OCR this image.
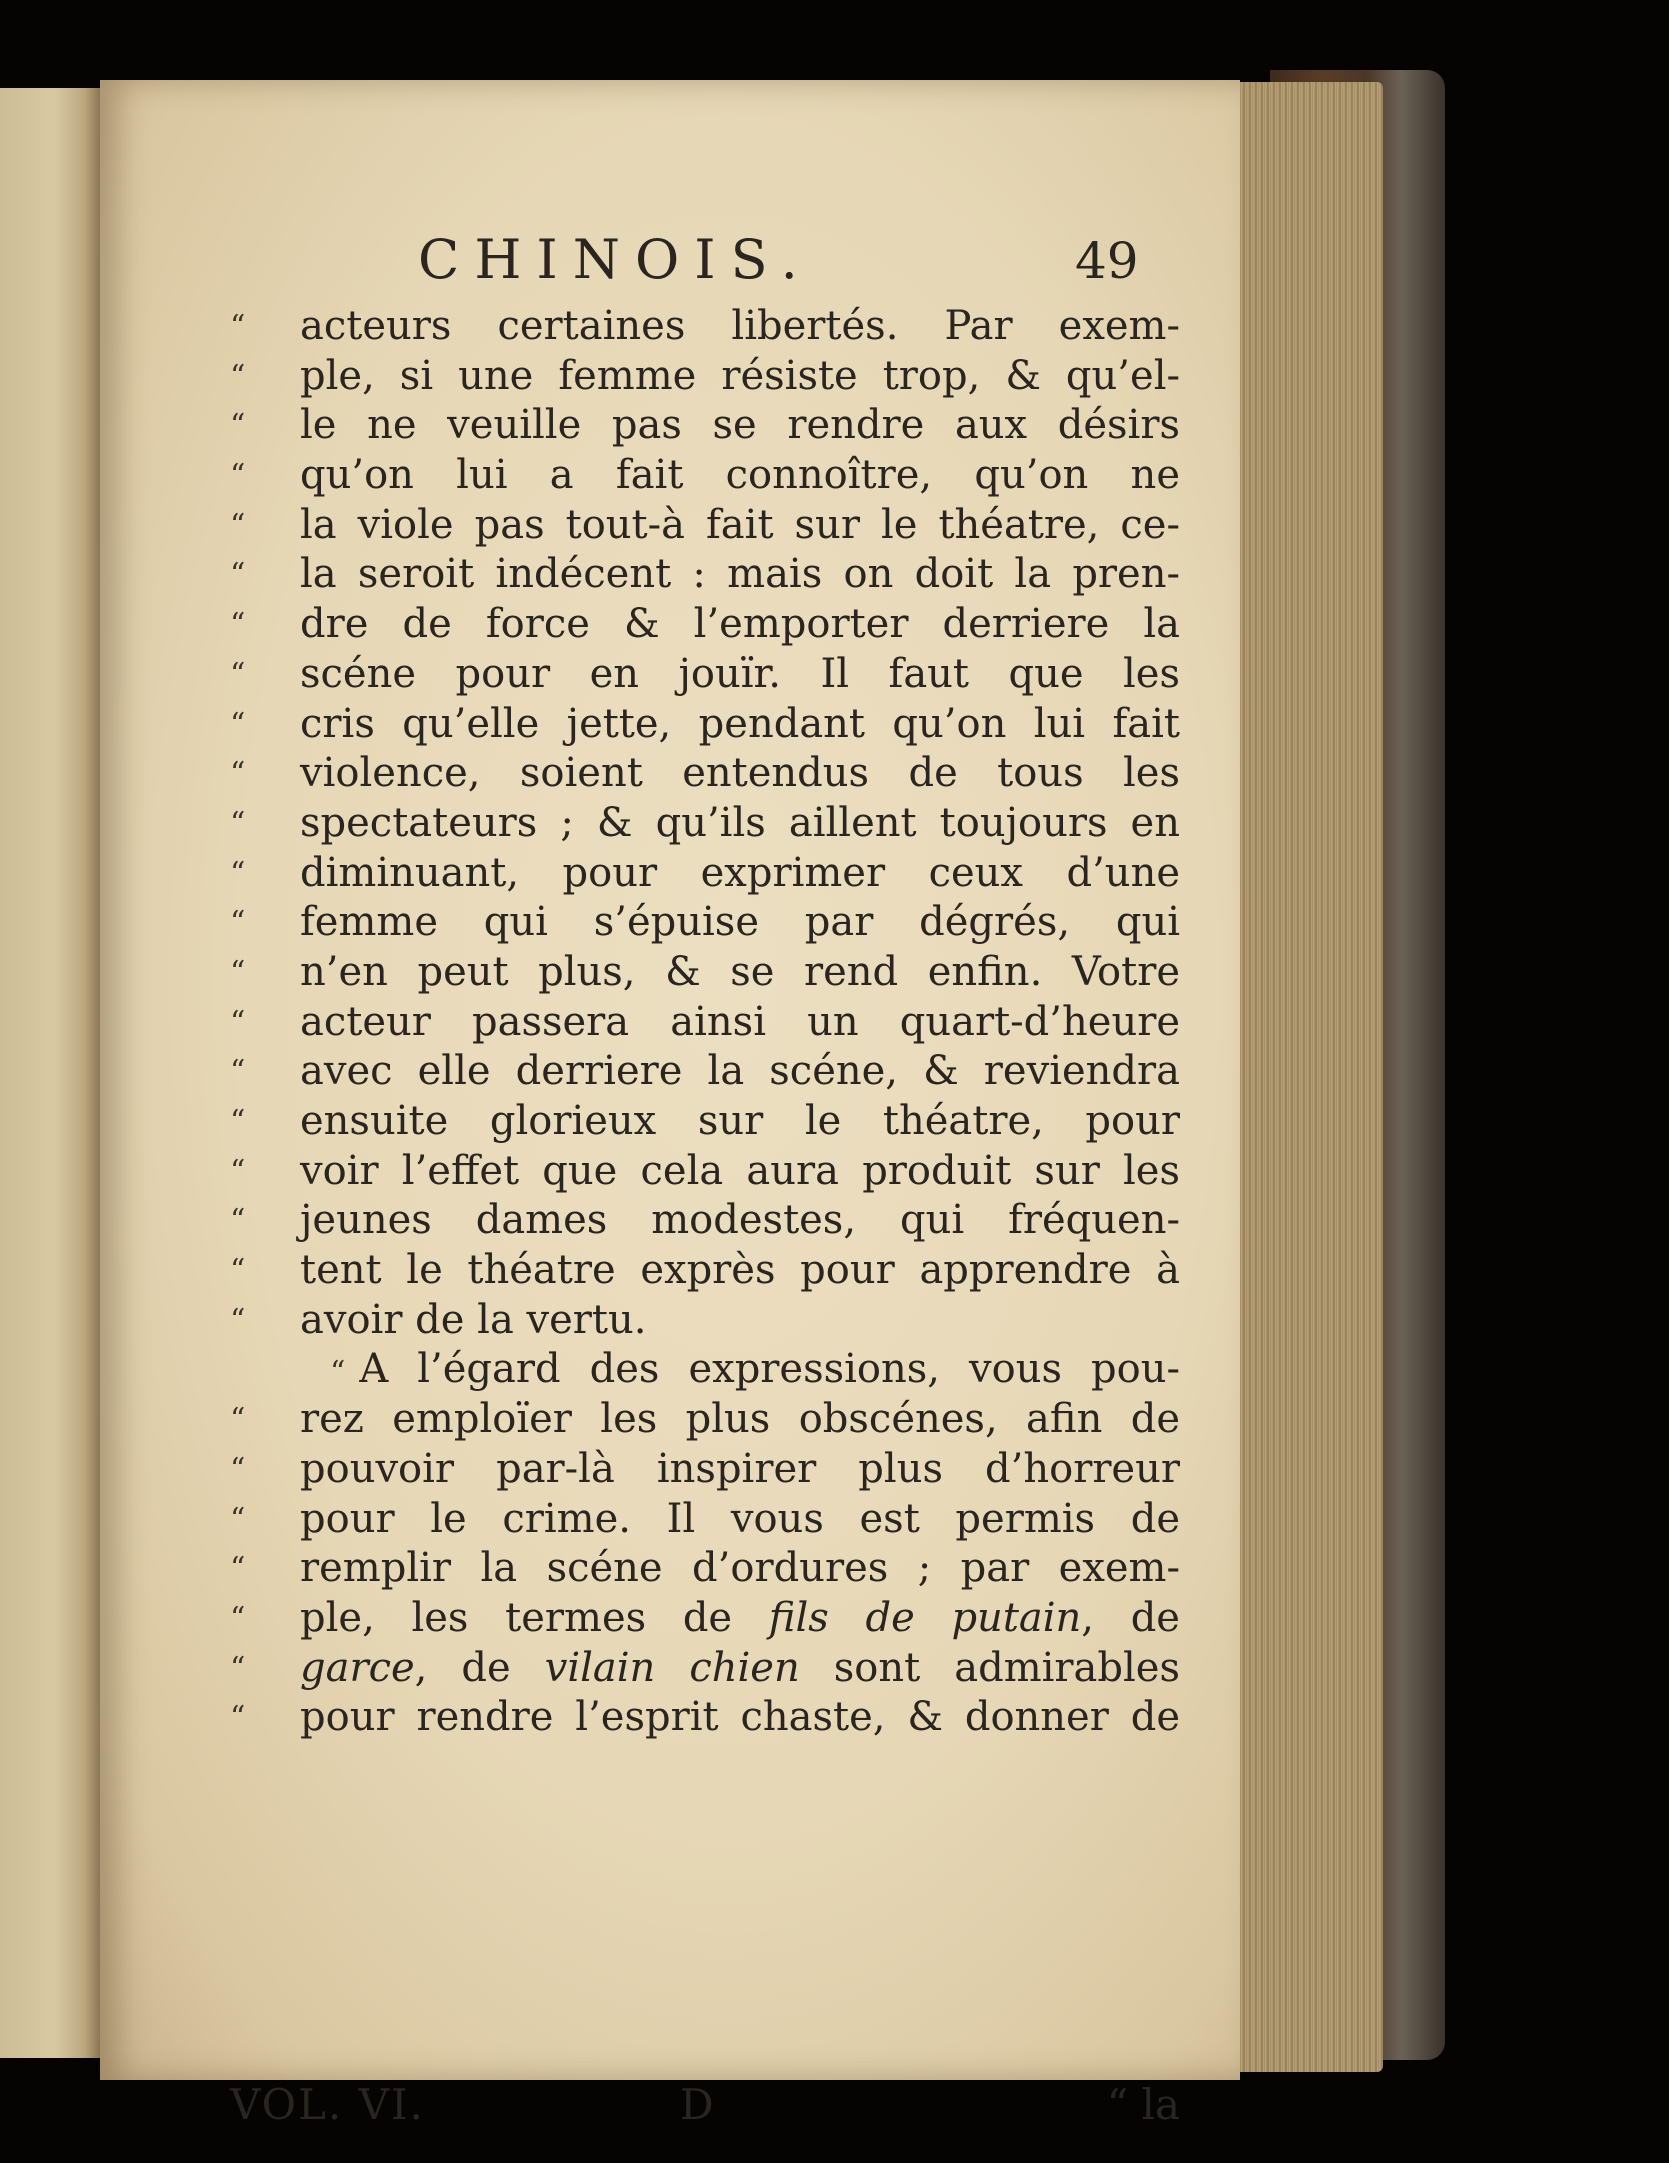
CHINOIS.	49
“	acteurs certaines libertés. Par exem-
“	ple, si une femme résiste trop, & qu’el-
“	le ne veuille pas se rendre aux désirs
“	qu’on lui a fait connoître, qu’on ne
“	la viole pas tout-à fait sur le théatre, ce-
“	la seroit indécent : mais on doit la pren-
“	dre de force & l’emporter derriere la
“	scéne pour en jouïr. Il faut que les
“	cris qu’elle jette, pendant qu’on lui fait
“	violence, soient entendus de tous les
“	spectateurs ; & qu’ils aillent toujours en
“	diminuant, pour exprimer ceux d’une
“	femme qui s’épuise par dégrés, qui
“	n’en peut plus, & se rend enfin. Votre
“	acteur passera ainsi un quart-d’heure
“	avec elle derriere la scéne, & reviendra
“	ensuite glorieux sur le théatre, pour
“	voir l’effet que cela aura produit sur les
“	jeunes dames modestes, qui fréquen-
“	tent le théatre exprès pour apprendre à
“	avoir de la vertu.
“ A l’égard des expressions, vous pou-
“	rez emploïer les plus obscénes, afin de
“	pouvoir par-là inspirer plus d’horreur
“	pour le crime. Il vous est permis de
“	remplir la scéne d’ordures ; par exem-
“	ple, les termes de fils de putain, de
“	garce, de vilain chien sont admirables
“	pour rendre l’esprit chaste, & donner de
VOL. VI.	D	“ la
